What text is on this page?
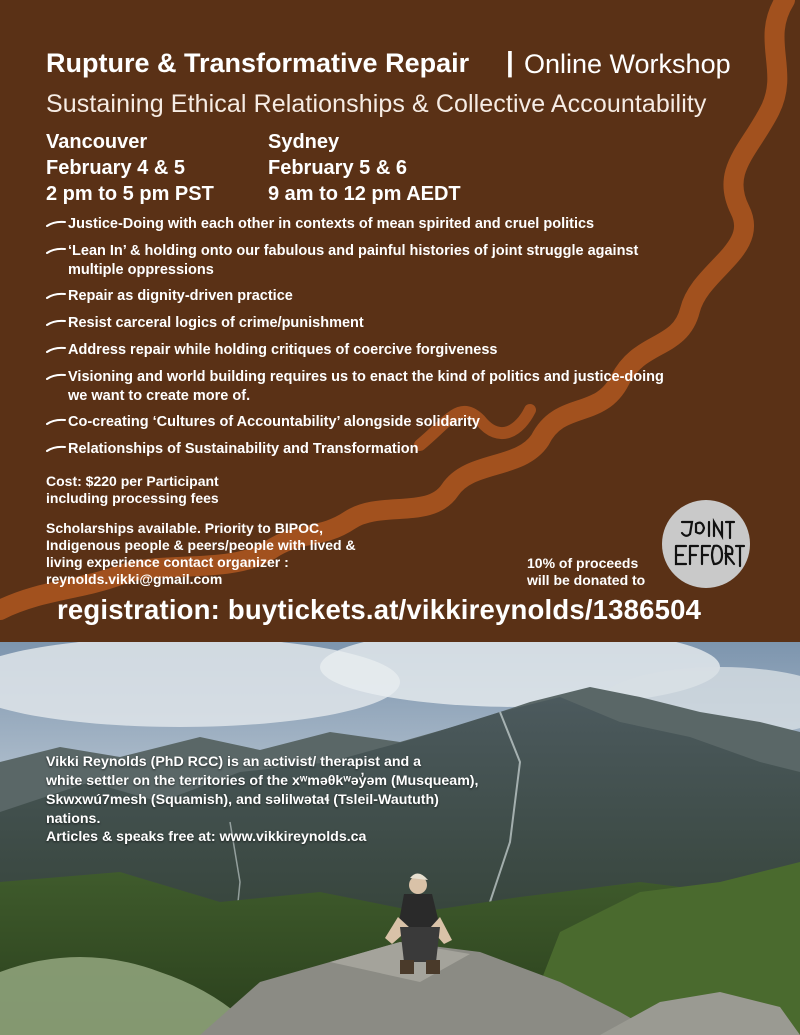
Rupture & Transformative Repair | Online Workshop
Sustaining Ethical Relationships & Collective Accountability
Vancouver
February 4 & 5
2 pm to 5 pm PST
Sydney
February 5 & 6
9 am to 12 pm AEDT
Justice-Doing with each other in contexts of mean spirited and cruel politics
‘Lean In’ & holding onto our fabulous and painful histories of joint struggle against multiple oppressions
Repair as dignity-driven practice
Resist carceral logics of crime/punishment
Address repair while holding critiques of coercive forgiveness
Visioning and world building requires us to enact the kind of politics and justice-doing we want to create more of.
Co-creating ‘Cultures of Accountability’ alongside solidarity
Relationships of Sustainability and Transformation
Cost: $220 per Participant
including processing fees
Scholarships available. Priority to BIPOC,
Indigenous people & peers/people with lived &
living experience contact organizer :
reynolds.vikki@gmail.com
10% of proceeds
will be donated to
registration: buytickets.at/vikkireynolds/1386504
Vikki Reynolds (PhD RCC) is an activist/ therapist and a
white settler on the territories of the xʷməθkʷəy̓əm (Musqueam),
Skwxwú7mesh (Squamish), and səlilwətaɬ (Tsleil-Waututh) nations.
Articles & speaks free at: www.vikkireynolds.ca
